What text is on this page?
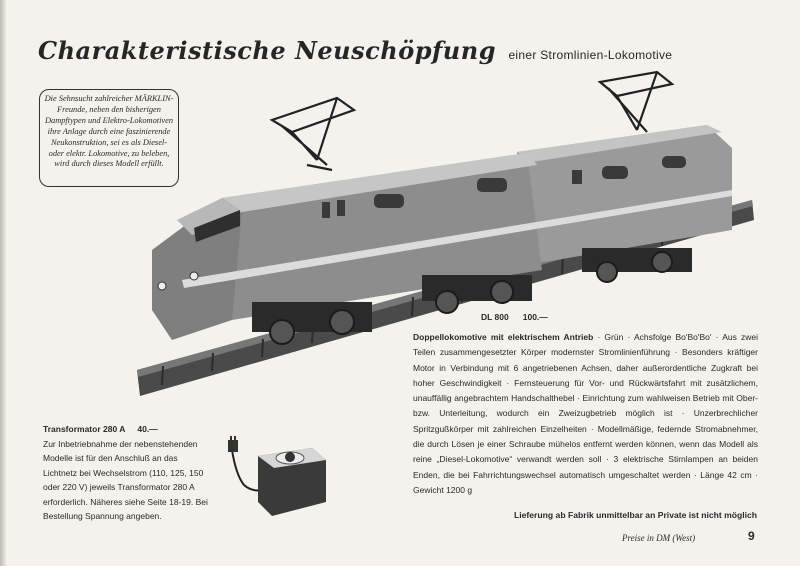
Charakteristische Neuschöpfung einer Stromlinien-Lokomotive
Die Sehnsucht zahlreicher MÄRKLIN-Freunde, neben den bisherigen Dampftypen und Elektro-Lokomotiven ihre Anlage durch eine faszinierende Neukonstruktion, sei es als Diesel- oder elektr. Lokomotive, zu beleben, wird durch dieses Modell erfüllt.
DL 800 100.—
Doppellokomotive mit elektrischem Antrieb · Grün · Achsfolge Bo'Bo'Bo' · Aus zwei Teilen zusammengesetzter Körper modernster Stromlinienführung · Besonders kräftiger Motor in Verbindung mit 6 angetriebenen Achsen, daher außerordentliche Zugkraft bei hoher Geschwindigkeit · Fernsteuerung für Vor- und Rückwärtsfahrt mit zusätzlichem, unauffällig angebrachtem Handschalthebel · Einrichtung zum wahlweisen Betrieb mit Ober- bzw. Unterleitung, wodurch ein Zweizugbetrieb möglich ist · Unzerbrechlicher Spritzgußkörper mit zahlreichen Einzelheiten · Modellmäßige, federnde Stromabnehmer, die durch Lösen je einer Schraube mühelos entfernt werden können, wenn das Modell als reine „Diesel-Lokomotive“ verwandt werden soll · 3 elektrische Stirnlampen an beiden Enden, die bei Fahrrichtungswechsel automatisch umgeschaltet werden · Länge 42 cm · Gewicht 1200 g
Transformator 280 A 40.—
Zur Inbetriebnahme der nebenstehenden Modelle ist für den Anschluß an das Lichtnetz bei Wechselstrom (110, 125, 150 oder 220 V) jeweils Transformator 280 A erforderlich. Näheres siehe Seite 18-19. Bei Bestellung Spannung angeben.	Lieferung ab Fabrik unmittelbar an Private ist nicht möglich
Preise in DM (West)	9
